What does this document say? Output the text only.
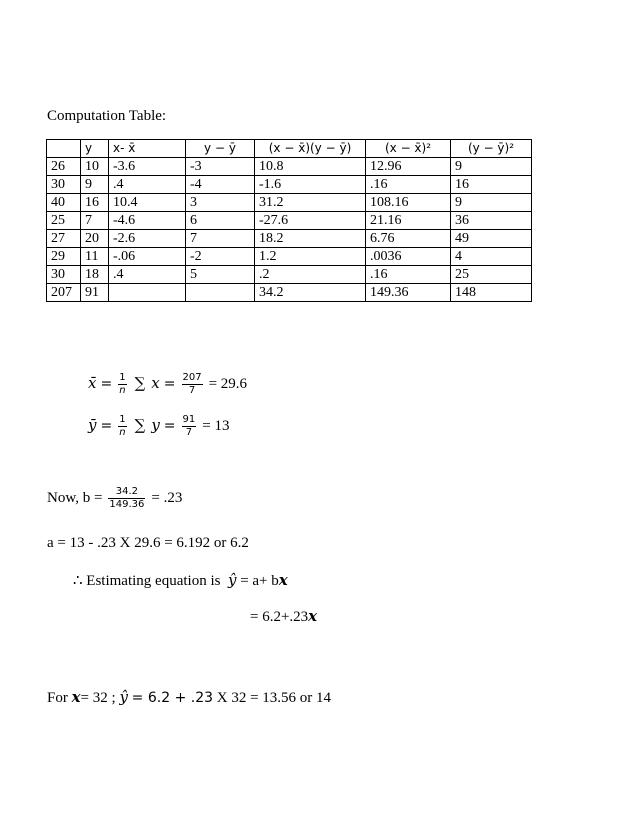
Computation Table:
	y	x- x̄	y − ȳ	(x − x̄)(y − ȳ)	(x − x̄)²	(y − ȳ)²
26	10	-3.6	-3	10.8	12.96	9
30	9	.4	-4	-1.6	.16	16
40	16	10.4	3	31.2	108.16	9
25	7	-4.6	6	-27.6	21.16	36
27	20	-2.6	7	18.2	6.76	49
29	11	-.06	-2	1.2	.0036	4
30	18	.4	5	.2	.16	25
207	91			34.2	149.36	148
x̄ = $\frac{1}{n}$ ∑ $x = \frac{207}{7} = 29.6$
ȳ = $\frac{1}{n}$ ∑ $y = \frac{91}{7} = 13$
Now, $b = \frac{34.2}{149.36} = .23$
a = 13 - .23 X 29.6 = 6.192 or 6.2
∴ Estimating equation is ŷ = a+ bx
= 6.2+.23x
For x= 32 ; ŷ = 6.2 + .23 X 32 = 13.56 or 14
